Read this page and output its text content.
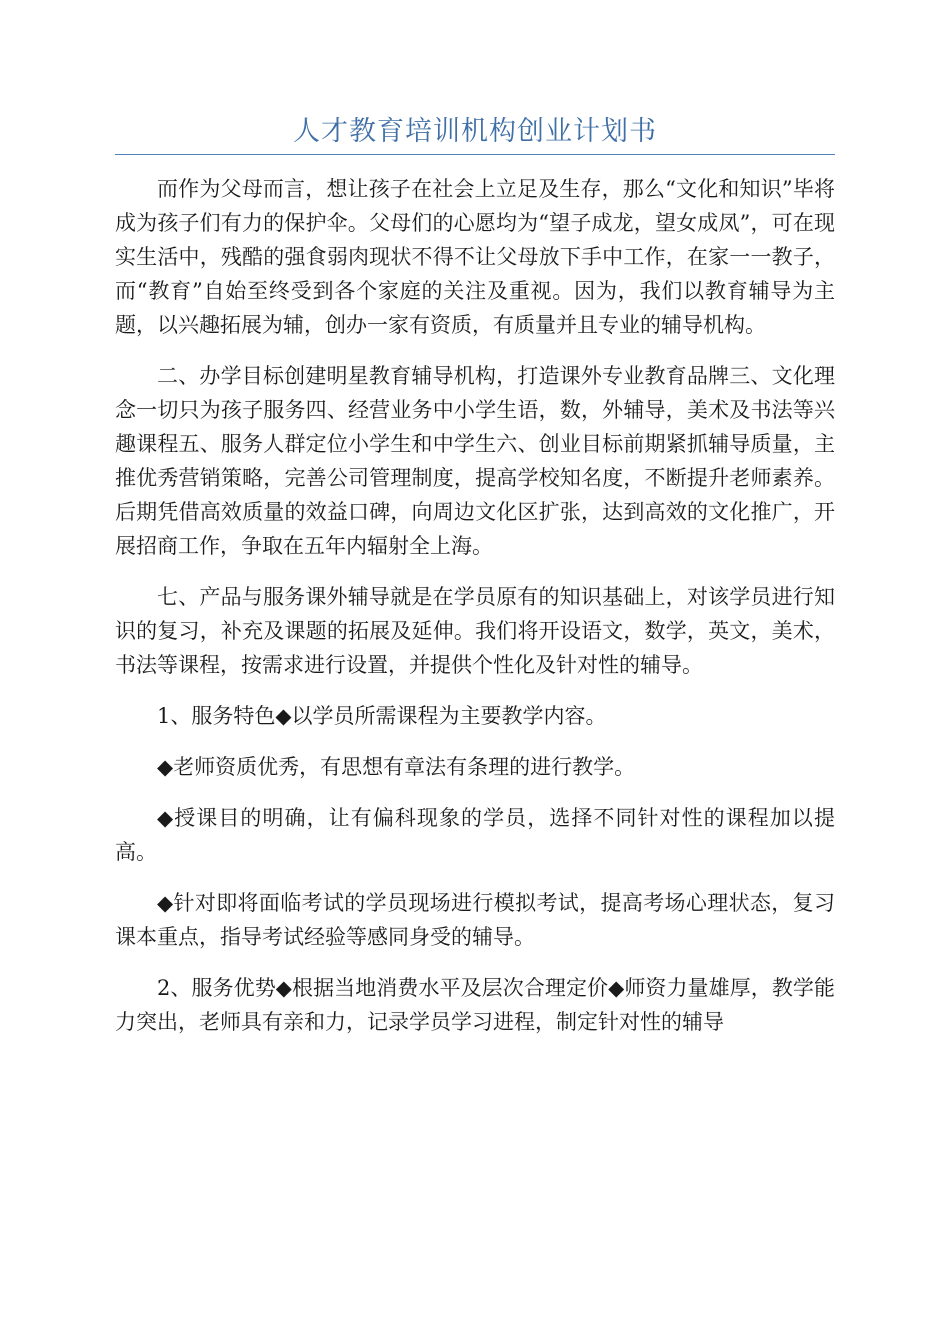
人才教育培训机构创业计划书

而作为父母而言，想让孩子在社会上立足及生存，那么“文化和知识”毕将成为孩子们有力的保护伞。父母们的心愿均为“望子成龙，望女成凤”，可在现实生活中，残酷的强食弱肉现状不得不让父母放下手中工作，在家一一教子，而“教育”自始至终受到各个家庭的关注及重视。因为，我们以教育辅导为主题，以兴趣拓展为辅，创办一家有资质，有质量并且专业的辅导机构。

二、办学目标创建明星教育辅导机构，打造课外专业教育品牌三、文化理念一切只为孩子服务四、经营业务中小学生语，数，外辅导，美术及书法等兴趣课程五、服务人群定位小学生和中学生六、创业目标前期紧抓辅导质量，主推优秀营销策略，完善公司管理制度，提高学校知名度，不断提升老师素养。后期凭借高效质量的效益口碑，向周边文化区扩张，达到高效的文化推广，开展招商工作，争取在五年内辐射全上海。

七、产品与服务课外辅导就是在学员原有的知识基础上，对该学员进行知识的复习，补充及课题的拓展及延伸。我们将开设语文，数学，英文，美术，书法等课程，按需求进行设置，并提供个性化及针对性的辅导。

1、服务特色◆以学员所需课程为主要教学内容。

◆老师资质优秀，有思想有章法有条理的进行教学。

◆授课目的明确，让有偏科现象的学员，选择不同针对性的课程加以提高。

◆针对即将面临考试的学员现场进行模拟考试，提高考场心理状态，复习课本重点，指导考试经验等感同身受的辅导。

2、服务优势◆根据当地消费水平及层次合理定价◆师资力量雄厚，教学能力突出，老师具有亲和力，记录学员学习进程，制定针对性的辅导
